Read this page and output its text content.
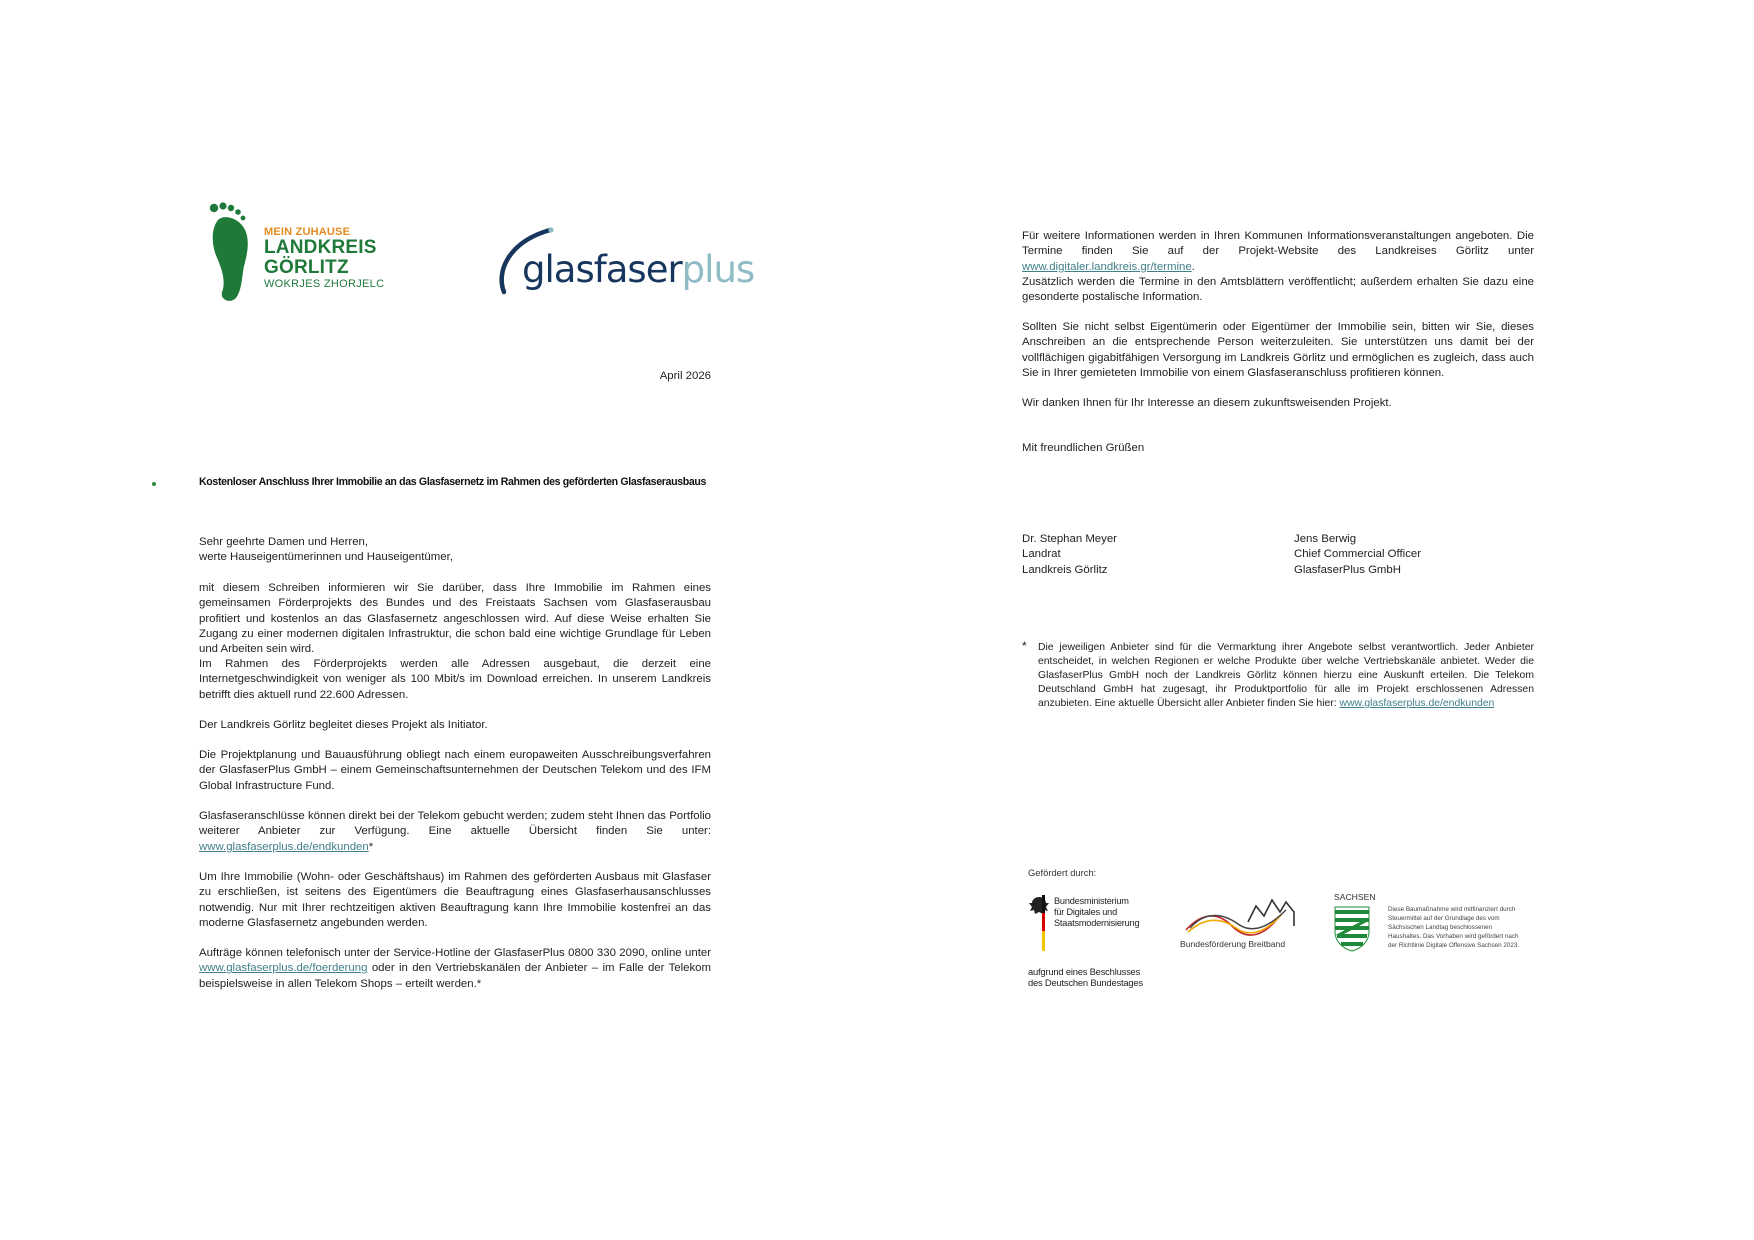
MEIN ZUHAUSE
LANDKREIS
GÖRLITZ
WOKRJES ZHORJELC	glasfaserplus
April 2026
Kostenloser Anschluss Ihrer Immobilie an das Glasfasernetz im Rahmen des geförderten Glasfaserausbaus

Sehr geehrte Damen und Herren,

werte Hauseigentümerinnen und Hauseigentümer,

mit diesem Schreiben informieren wir Sie darüber, dass Ihre Immobilie im Rahmen eines gemeinsamen Förderprojekts des Bundes und des Freistaats Sachsen vom Glasfaserausbau profitiert und kostenlos an das Glasfasernetz angeschlossen wird. Auf diese Weise erhalten Sie Zugang zu einer modernen digitalen Infrastruktur, die schon bald eine wichtige Grundlage für Leben und Arbeiten sein wird.
Im Rahmen des Förderprojekts werden alle Adressen ausgebaut, die derzeit eine Internetgeschwindigkeit von weniger als 100 Mbit/s im Download erreichen. In unserem Landkreis betrifft dies aktuell rund 22.600 Adressen.
Der Landkreis Görlitz begleitet dieses Projekt als Initiator.
Die Projektplanung und Bauausführung obliegt nach einem europaweiten Ausschreibungsverfahren der GlasfaserPlus GmbH – einem Gemeinschaftsunternehmen der Deutschen Telekom und des IFM Global Infrastructure Fund.
Glasfaseranschlüsse können direkt bei der Telekom gebucht werden; zudem steht Ihnen das Portfolio weiterer Anbieter zur Verfügung. Eine aktuelle Übersicht finden Sie unter: www.glasfaserplus.de/endkunden*
Um Ihre Immobilie (Wohn- oder Geschäftshaus) im Rahmen des geförderten Ausbaus mit Glasfaser zu erschließen, ist seitens des Eigentümers die Beauftragung eines Glasfaserhausanschlusses notwendig. Nur mit Ihrer rechtzeitigen aktiven Beauftragung kann Ihre Immobilie kostenfrei an das moderne Glasfasernetz angebunden werden.
Aufträge können telefonisch unter der Service-Hotline der GlasfaserPlus 0800 330 2090, online unter www.glasfaserplus.de/foerderung oder in den Vertriebskanälen der Anbieter – im Falle der Telekom beispielsweise in allen Telekom Shops – erteilt werden.*
Für weitere Informationen werden in Ihren Kommunen Informationsveranstaltungen angeboten. Die Termine finden Sie auf der Projekt-Website des Landkreises Görlitz unter www.digitaler.landkreis.gr/termine.
Zusätzlich werden die Termine in den Amtsblättern veröffentlicht; außerdem erhalten Sie dazu eine gesonderte postalische Information.
Sollten Sie nicht selbst Eigentümerin oder Eigentümer der Immobilie sein, bitten wir Sie, dieses Anschreiben an die entsprechende Person weiterzuleiten. Sie unterstützen uns damit bei der vollflächigen gigabitfähigen Versorgung im Landkreis Görlitz und ermöglichen es zugleich, dass auch Sie in Ihrer gemieteten Immobilie von einem Glasfaseranschluss profitieren können.
Wir danken Ihnen für Ihr Interesse an diesem zukunftsweisenden Projekt.
Mit freundlichen Grüßen
Dr. Stephan Meyer
Landrat
Landkreis Görlitz
Jens Berwig
Chief Commercial Officer
GlasfaserPlus GmbH
* Die jeweiligen Anbieter sind für die Vermarktung ihrer Angebote selbst verantwortlich. Jeder Anbieter entscheidet, in welchen Regionen er welche Produkte über welche Vertriebskanäle anbietet. Weder die GlasfaserPlus GmbH noch der Landkreis Görlitz können hierzu eine Auskunft erteilen. Die Telekom Deutschland GmbH hat zugesagt, ihr Produktportfolio für alle im Projekt erschlossenen Adressen anzubieten. Eine aktuelle Übersicht aller Anbieter finden Sie hier: www.glasfaserplus.de/endkunden
Gefördert durch:
Bundesministerium
für Digitales und
Staatsmodernisierung
aufgrund eines Beschlusses
des Deutschen Bundestages
Bundesförderung Breitband
SACHSEN
Diese Baumaßnahme wird mitfinanziert durch Steuermittel auf der Grundlage des vom Sächsischen Landtag beschlossenen Haushaltes. Das Vorhaben wird gefördert nach der Richtlinie Digitale Offensive Sachsen 2023.
